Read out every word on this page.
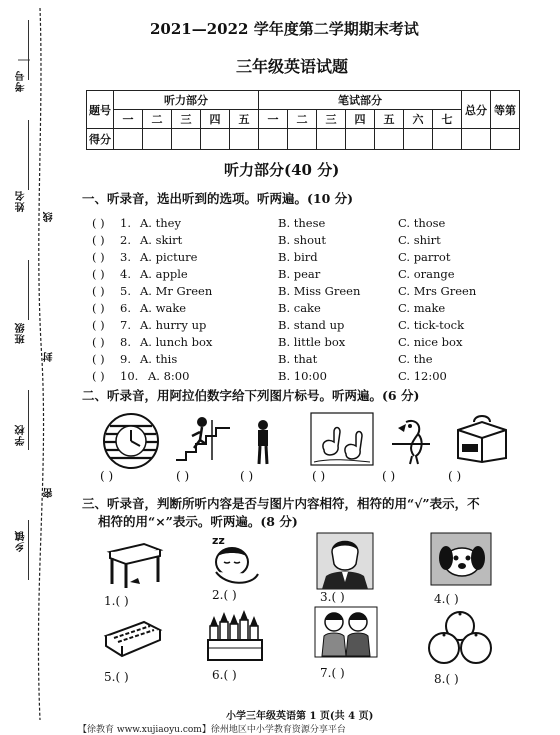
考号
姓名
线
班级
封
学校
密
乡镇
2021—2022 学年度第二学期期末考试
三年级英语试题
题号	听力部分					笔试部分							总分	等第
	一	二	三	四	五	一	二	三	四	五	六	七		
得分														
听力部分(40 分)
一、听录音，选出听到的选项。听两遍。(10 分)
( ) 1. A. they	B. these	C. those
( ) 2. A. skirt	B. shout	C. shirt
( ) 3. A. picture	B. bird	C. parrot
( ) 4. A. apple	B. pear	C. orange
( ) 5. A. Mr Green	B. Miss Green	C. Mrs Green
( ) 6. A. wake	B. cake	C. make
( ) 7. A. hurry up	B. stand up	C. tick-tock
( ) 8. A. lunch box	B. little box	C. nice box
( ) 9. A. this	B. that	C. the
( ) 10. A. 8:00	B. 10:00	C. 12:00
二、听录音，用阿拉伯数字给下列图片标号。听两遍。(6 分)
( )	( )	( )	( )	( )	( )
三、听录音，判断所听内容是否与图片内容相符，相符的用“√”表示，不
相符的用“×”表示。听两遍。(8 分)
zz
1.( )	2.( )	3.( )	4.( )
5.( )	6.( )	7.( )	8.( )
小学三年级英语第 1 页(共 4 页)
【徐教育 www.xujiaoyu.com】徐州地区中小学教育资源分享平台
